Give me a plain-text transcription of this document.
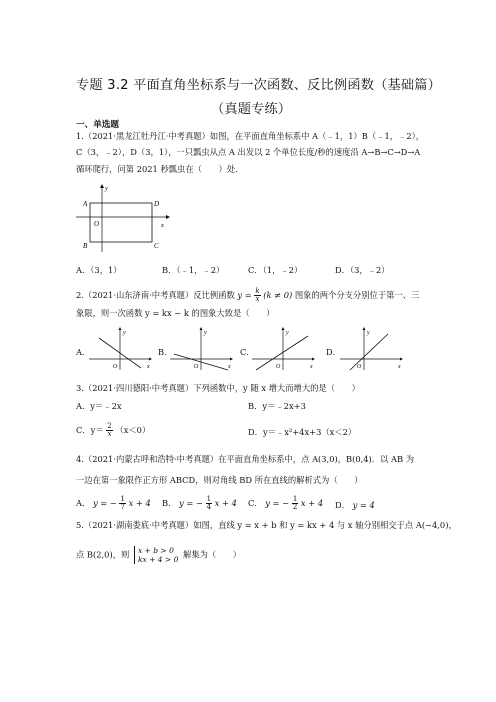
专题 3.2 平面直角坐标系与一次函数、反比例函数（基础篇）
（真题专练）
一、单选题
1.（2021·黑龙江牡丹江·中考真题）如图，在平面直角坐标系中 A（﹣1，1）B（﹣1，﹣2），
C（3，﹣2），D（3，1），一只瓢虫从点 A 出发以 2 个单位长度/秒的速度沿 A→B→C→D→A
循环爬行，问第 2021 秒瓢虫在（　　）处．
A
B	C
D
O	x
y
A．（3，1）	B．（﹣1，﹣2）	C．（1，﹣2）	D．（3，﹣2）
2.（2021·山东济南·中考真题）反比例函数 $y = \frac{k}{x} (k \ne 0)$ 图象的两个分支分别位于第一、三
象限，则一次函数 y = kx − k 的图象大致是（　　）
A．
O	x
y
B．
O	x
y
C．
O	x
y
D．
O	x
y
3.（2021·四川德阳·中考真题）下列函数中，y 随 x 增大而增大的是（　　）
A．y＝﹣2x	B．y＝﹣2x+3
C．$y= \frac{2}{x} (x<0)$	D．y＝﹣x²+4x+3（x＜2）
4.（2021·内蒙古呼和浩特·中考真题）在平面直角坐标系中，点 A(3,0)，B(0,4)．以 AB 为
一边在第一象限作正方形 ABCD，则对角线 BD 所在直线的解析式为（　　）
A． y = − $\frac{1}{7}$ x + 4 B． y = − $\frac{1}{4}$ x + 4 C． y = − $\frac{1}{2}$ x + 4 D． y = 4
5.（2021·湖南娄底·中考真题）如图，直线 y = x + b 和 y = kx + 4 与 x 轴分别相交于点 A(−4,0)，
点 B(2,0)，则 x + b > 0
kx + 4 > 0 解集为（　　）
